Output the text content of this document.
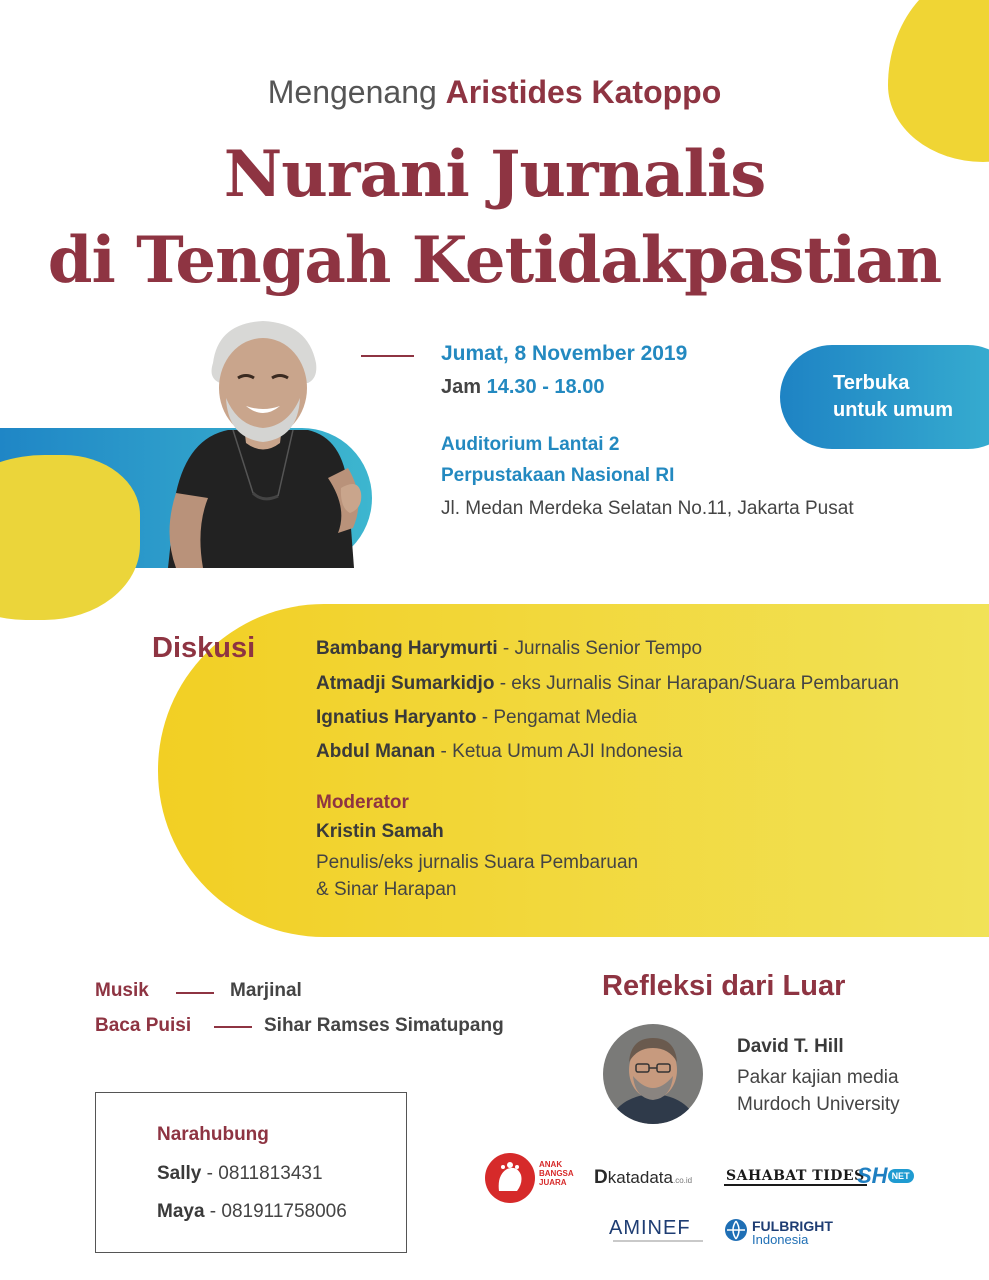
Mengenang Aristides Katoppo
Nurani Jurnalis
di Tengah Ketidakpastian
Jumat, 8 November 2019
Jam 14.30 - 18.00
Auditorium Lantai 2
Perpustakaan Nasional RI
Jl. Medan Merdeka Selatan No.11, Jakarta Pusat
Terbuka
untuk umum
Diskusi	Bambang Harymurti - Jurnalis Senior Tempo
Atmadji Sumarkidjo - eks Jurnalis Sinar Harapan/Suara Pembaruan
Ignatius Haryanto - Pengamat Media
Abdul Manan - Ketua Umum AJI Indonesia
Moderator
Kristin Samah
Penulis/eks jurnalis Suara Pembaruan
& Sinar Harapan
Musik	Marjinal
Baca Puisi	Sihar Ramses Simatupang
Refleksi dari Luar
David T. Hill
Pakar kajian media
Murdoch University
Narahubung
Sally - 0811813431
Maya - 081911758006
ANAK
BANGSA
JUARA	Dkatadata.co.id SAHABAT TIDES
SH NET
AMINEF	FULBRIGHT
Indonesia
